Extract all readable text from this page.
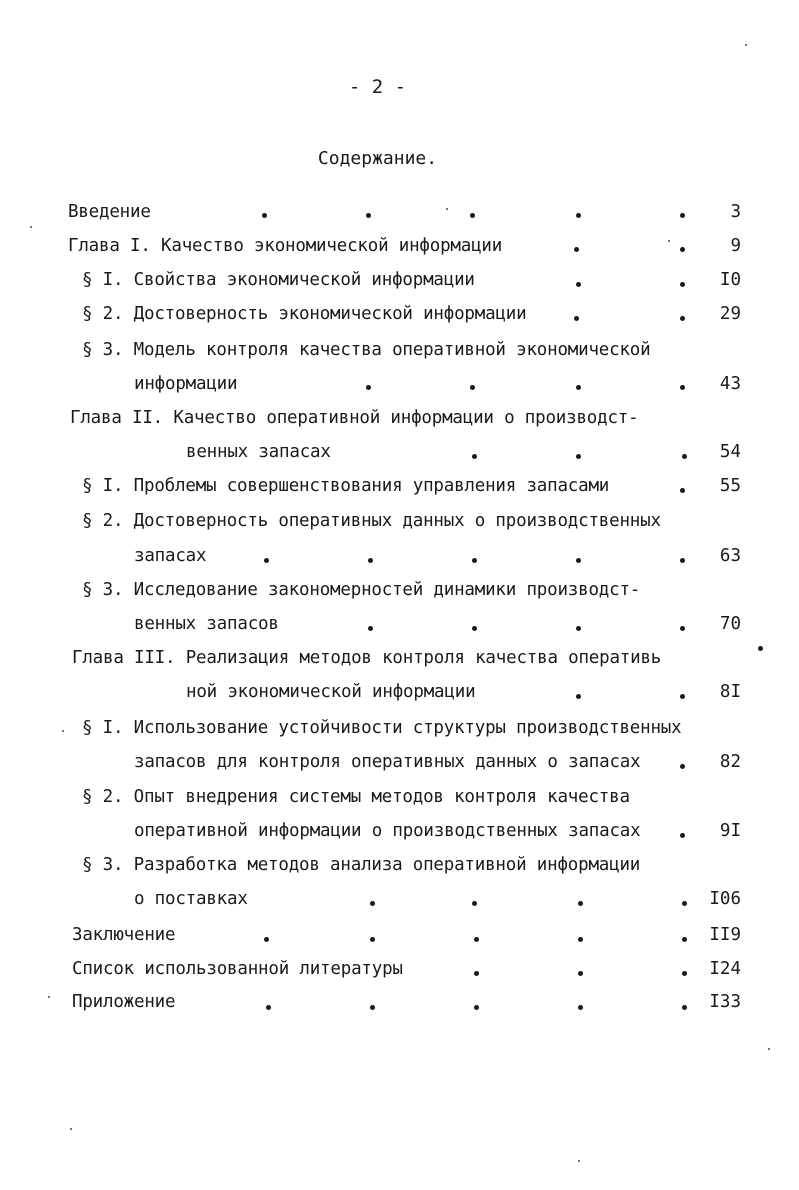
- 2 -
Содержание.
Введение	3
Глава I. Качество экономической информации	9
§ I. Свойства экономической информации	I0
§ 2. Достоверность экономической информации	29
§ 3. Модель контроля качества оперативной экономической
информации	43
Глава II. Качество оперативной информации о производст-
венных запасах	54
§ I. Проблемы совершенствования управления запасами	55
§ 2. Достоверность оперативных данных о производственных
запасах	63
§ 3. Исследование закономерностей динамики производст-
венных запасов	70
Глава III. Реализация методов контроля качества оперативь
ной экономической информации	8I
§ I. Использование устойчивости структуры производственных
запасов для контроля оперативных данных о запасах	82
§ 2. Опыт внедрения системы методов контроля качества
оперативной информации о производственных запасах	9I
§ 3. Разработка методов анализа оперативной информации
о поставках	I06
Заключение	II9
Список использованной литературы	I24
Приложение	I33
